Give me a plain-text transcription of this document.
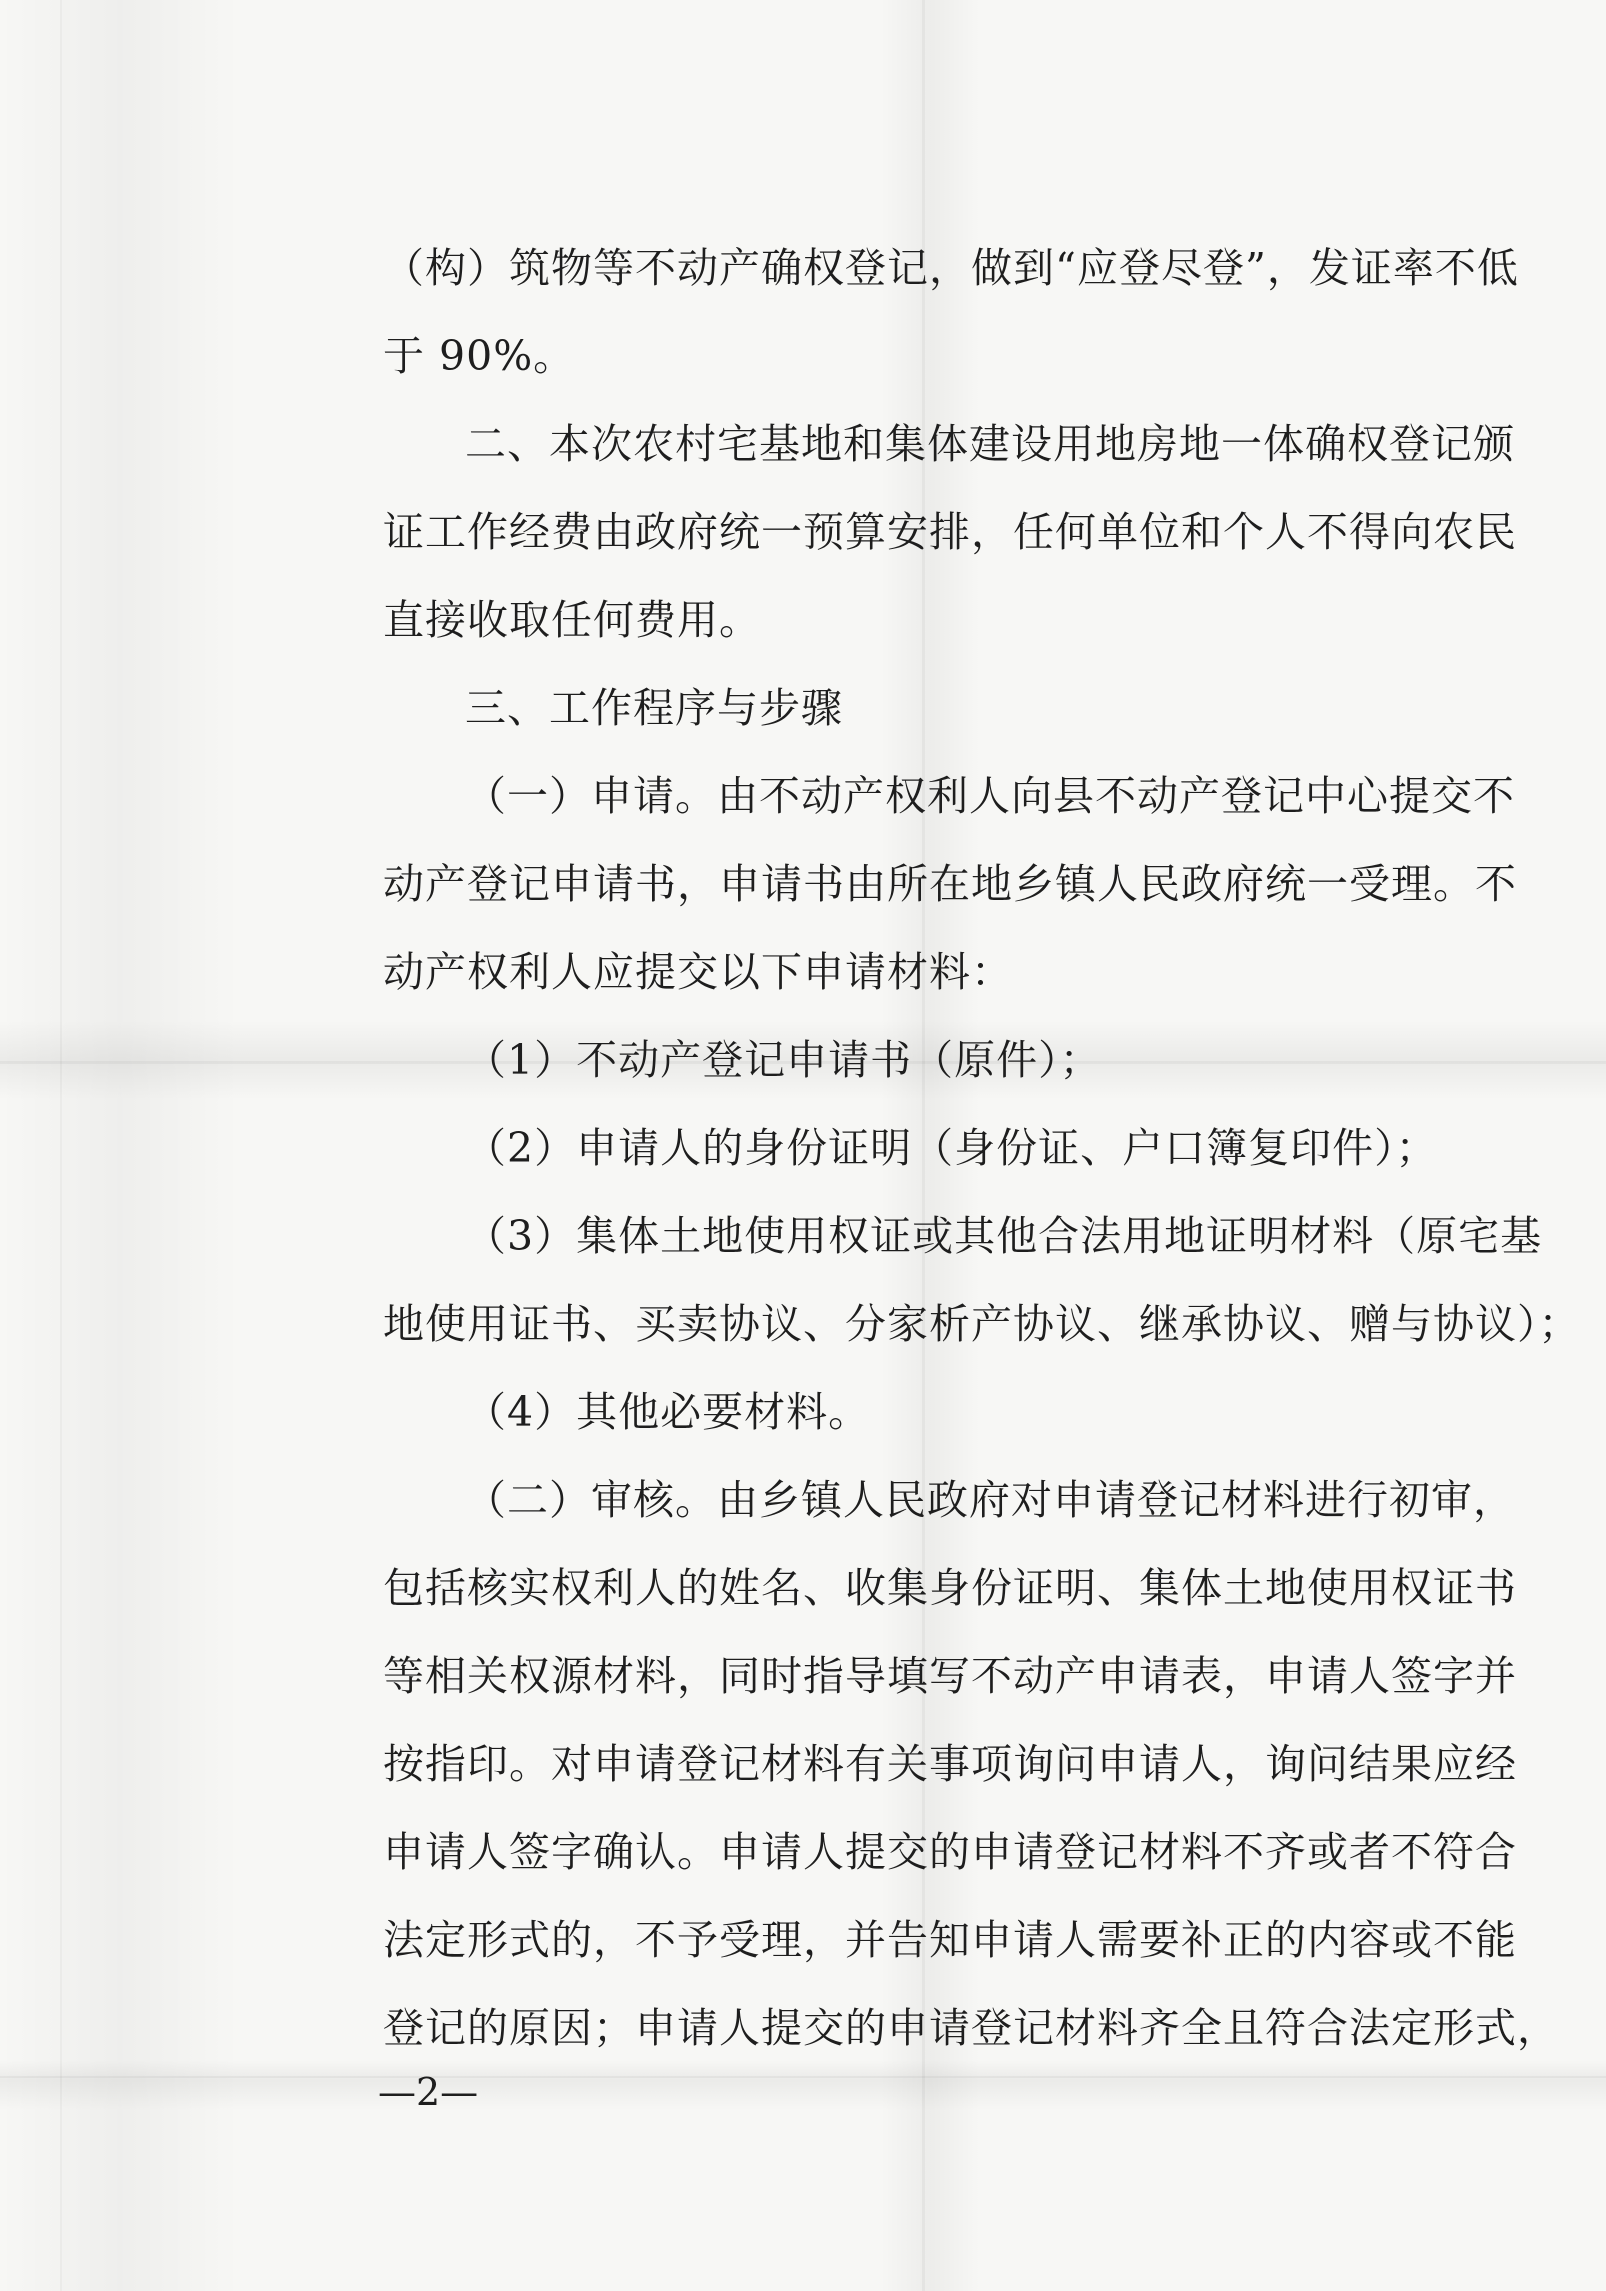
（构）筑物等不动产确权登记，做到“应登尽登”，发证率不低
于 90%。
二、本次农村宅基地和集体建设用地房地一体确权登记颁
证工作经费由政府统一预算安排，任何单位和个人不得向农民
直接收取任何费用。
三、工作程序与步骤
（一）申请。由不动产权利人向县不动产登记中心提交不
动产登记申请书，申请书由所在地乡镇人民政府统一受理。不
动产权利人应提交以下申请材料：
（1）不动产登记申请书（原件）；
（2）申请人的身份证明（身份证、户口簿复印件）；
（3）集体土地使用权证或其他合法用地证明材料（原宅基
地使用证书、买卖协议、分家析产协议、继承协议、赠与协议）；
（4）其他必要材料。
（二）审核。由乡镇人民政府对申请登记材料进行初审，
包括核实权利人的姓名、收集身份证明、集体土地使用权证书
等相关权源材料，同时指导填写不动产申请表，申请人签字并
按指印。对申请登记材料有关事项询问申请人，询问结果应经
申请人签字确认。申请人提交的申请登记材料不齐或者不符合
法定形式的，不予受理，并告知申请人需要补正的内容或不能
登记的原因；申请人提交的申请登记材料齐全且符合法定形式，
—2—
